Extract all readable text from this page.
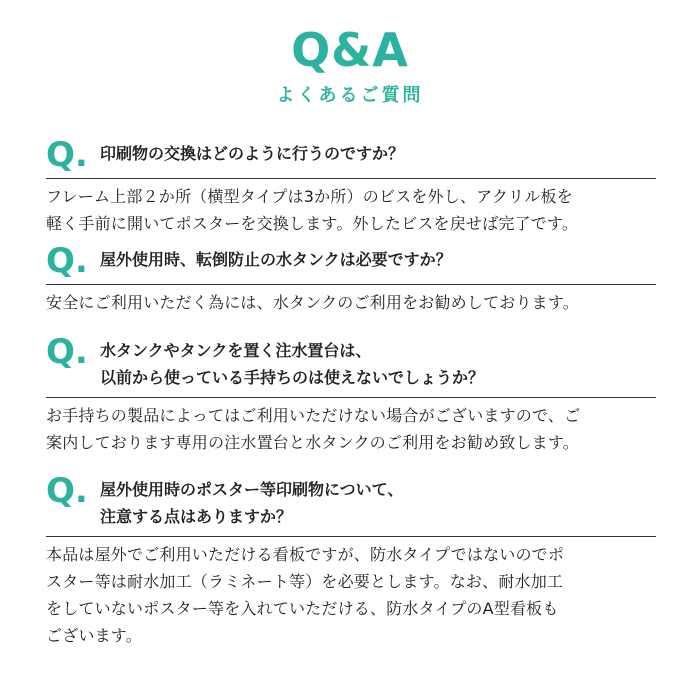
Q&A
よくあるご質問
Q. 印刷物の交換はどのように行うのですか？
フレーム上部２か所（横型タイプは3か所）のビスを外し、アクリル板を
軽く手前に開いてポスターを交換します。外したビスを戻せば完了です。
Q. 屋外使用時、転倒防止の水タンクは必要ですか？
安全にご利用いただく為には、水タンクのご利用をお勧めしております。
Q. 水タンクやタンクを置く注水置台は、
以前から使っている手持ちのは使えないでしょうか？
お手持ちの製品によってはご利用いただけない場合がございますので、ご
案内しております専用の注水置台と水タンクのご利用をお勧め致します。
Q. 屋外使用時のポスター等印刷物について、
注意する点はありますか？
本品は屋外でご利用いただける看板ですが、防水タイプではないのでポ
スター等は耐水加工（ラミネート等）を必要とします。なお、耐水加工
をしていないポスター等を入れていただける、防水タイプのA型看板も
ございます。
